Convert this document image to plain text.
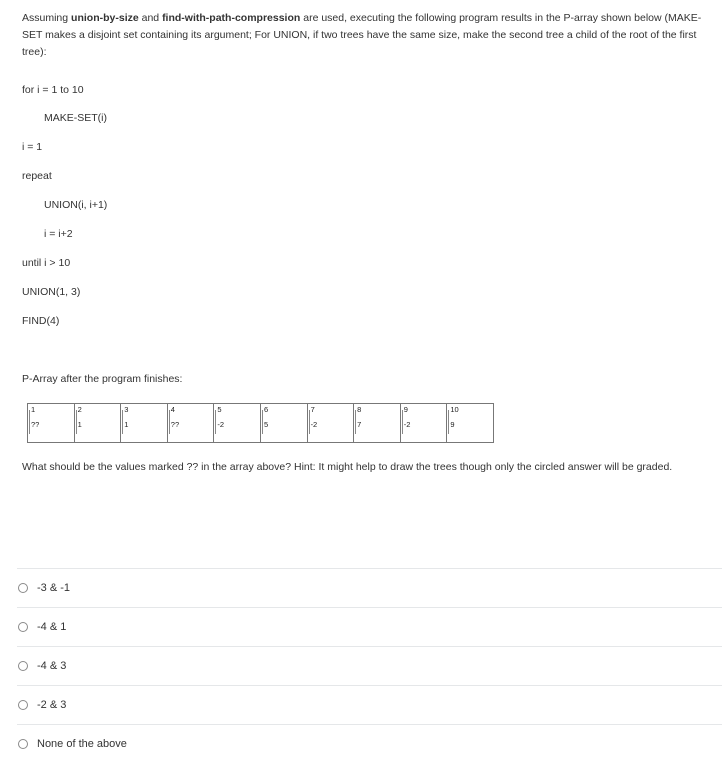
Assuming union-by-size and find-with-path-compression are used, executing the following program results in the P-array shown below (MAKE-SET makes a disjoint set containing its argument; For UNION, if two trees have the same size, make the second tree a child of the root of the first tree):
for i = 1 to 10
MAKE-SET(i)
i = 1
repeat
UNION(i, i+1)
i = i+2
until i > 10
UNION(1, 3)
FIND(4)
P-Array after the program finishes:
1
??
2
1
3
1
4
??
5
-2
6
5
7
-2
8
7
9
-2
10
9
What should be the values marked ?? in the array above? Hint: It might help to draw the trees though only the circled answer will be graded.
-3 & -1
-4 & 1
-4 & 3
-2 & 3
None of the above
